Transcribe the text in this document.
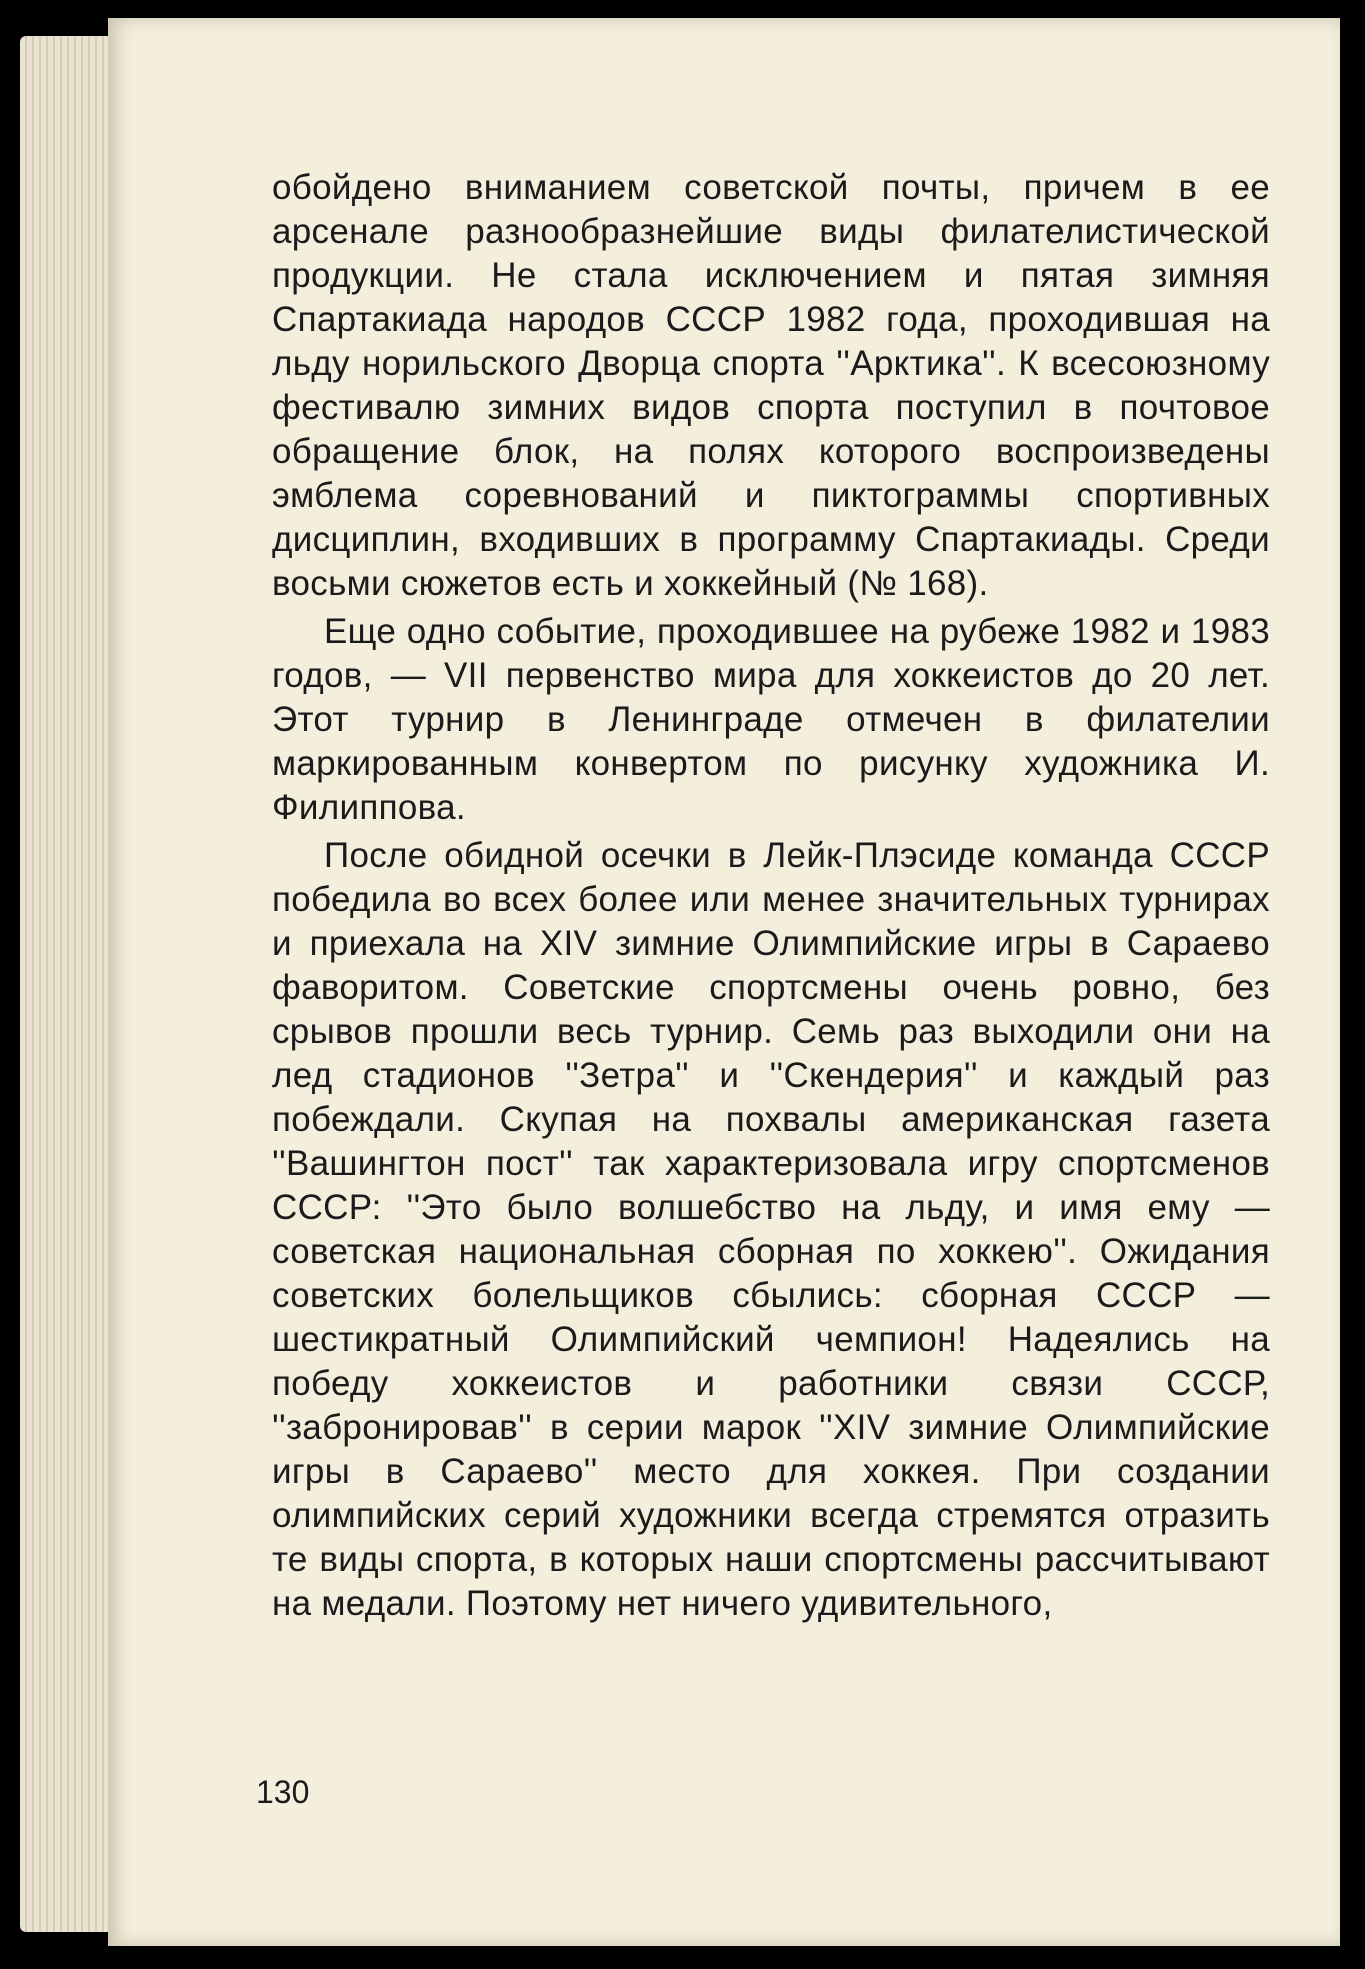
обойдено вниманием советской почты, причем в ее арсенале разнообразнейшие виды филателистической продукции. Не стала исключением и пятая зимняя Спартакиада народов СССР 1982 года, проходившая на льду норильского Дворца спорта ''Арктика''. К всесоюзному фестивалю зимних видов спорта поступил в почтовое обращение блок, на полях которого воспроизведены эмблема соревнований и пиктограммы спортивных дисциплин, входивших в программу Спартакиады. Среди восьми сюжетов есть и хоккейный (№ 168).

Еще одно событие, проходившее на рубеже 1982 и 1983 годов, — VII первенство мира для хоккеистов до 20 лет. Этот турнир в Ленинграде отмечен в филателии маркированным конвертом по рисунку художника И. Филиппова.

После обидной осечки в Лейк-Плэсиде команда СССР победила во всех более или менее значительных турнирах и приехала на XIV зимние Олимпийские игры в Сараево фаворитом. Советские спортсмены очень ровно, без срывов прошли весь турнир. Семь раз выходили они на лед стадионов ''Зетра'' и ''Скендерия'' и каждый раз побеждали. Скупая на похвалы американская газета ''Вашингтон пост'' так характеризовала игру спортсменов СССР: ''Это было волшебство на льду, и имя ему — советская национальная сборная по хоккею''. Ожидания советских болельщиков сбылись: сборная СССР — шестикратный Олимпийский чемпион! Надеялись на победу хоккеистов и работники связи СССР, ''забронировав'' в серии марок ''XIV зимние Олимпийские игры в Сараево'' место для хоккея. При создании олимпийских серий художники всегда стремятся отразить те виды спорта, в которых наши спортсмены рассчитывают на медали. Поэтому нет ничего удивительного,

130
